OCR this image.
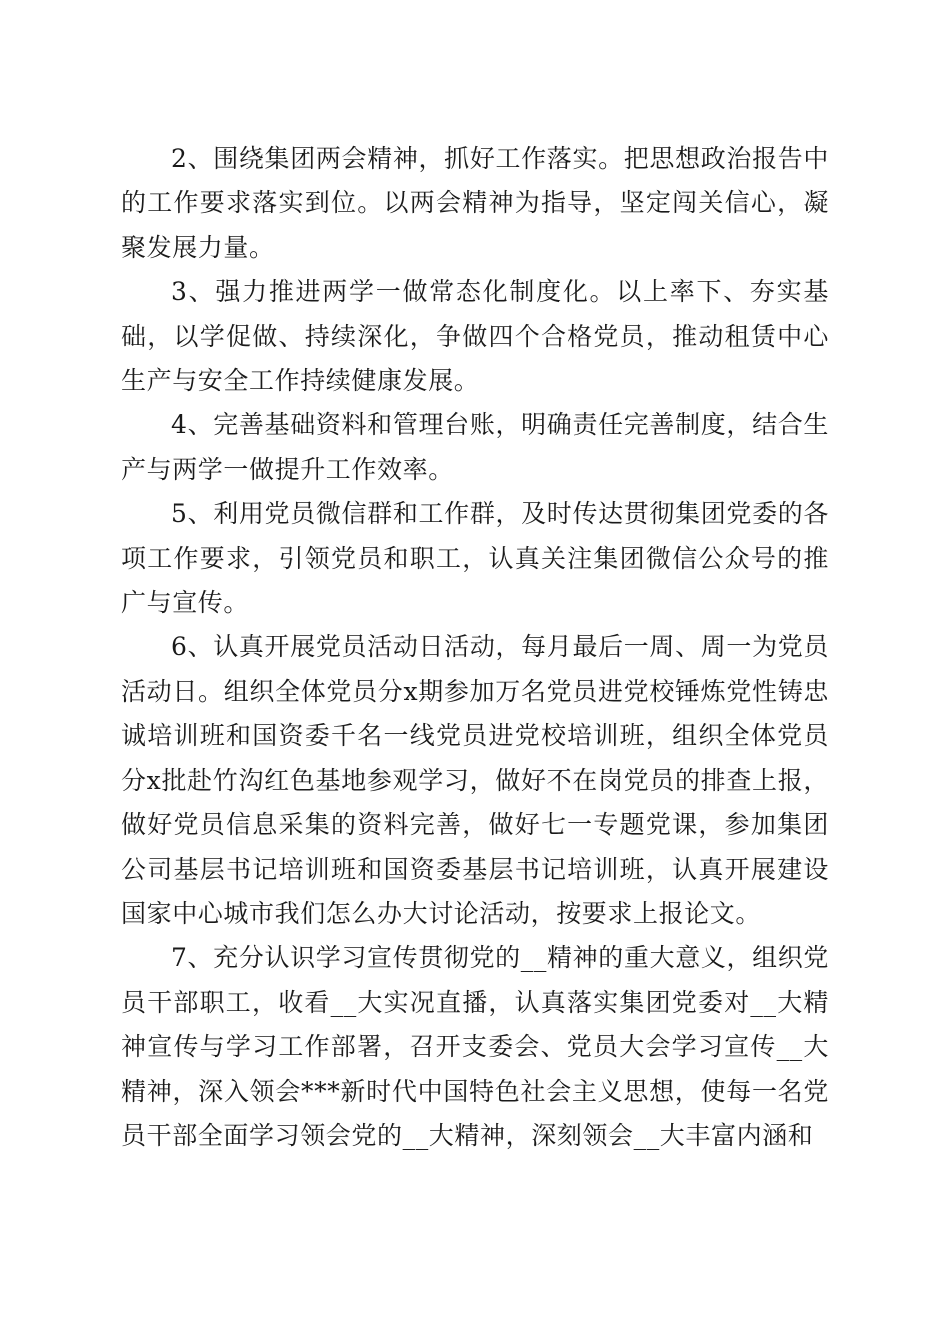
2、围绕集团两会精神，抓好工作落实。把思想政治报告中的工作要求落实到位。以两会精神为指导，坚定闯关信心，凝聚发展力量。

3、强力推进两学一做常态化制度化。以上率下、夯实基础，以学促做、持续深化，争做四个合格党员，推动租赁中心生产与安全工作持续健康发展。

4、完善基础资料和管理台账，明确责任完善制度，结合生产与两学一做提升工作效率。

5、利用党员微信群和工作群，及时传达贯彻集团党委的各项工作要求，引领党员和职工，认真关注集团微信公众号的推广与宣传。

6、认真开展党员活动日活动，每月最后一周、周一为党员活动日。组织全体党员分x期参加万名党员进党校锤炼党性铸忠诚培训班和国资委千名一线党员进党校培训班，组织全体党员分x批赴竹沟红色基地参观学习，做好不在岗党员的排查上报，做好党员信息采集的资料完善，做好七一专题党课，参加集团公司基层书记培训班和国资委基层书记培训班，认真开展建设国家中心城市我们怎么办大讨论活动，按要求上报论文。

7、充分认识学习宣传贯彻党的__精神的重大意义，组织党员干部职工，收看__大实况直播，认真落实集团党委对__大精神宣传与学习工作部署，召开支委会、党员大会学习宣传__大精神，深入领会***新时代中国特色社会主义思想，使每一名党员干部全面学习领会党的__大精神，深刻领会__大丰富内涵和
